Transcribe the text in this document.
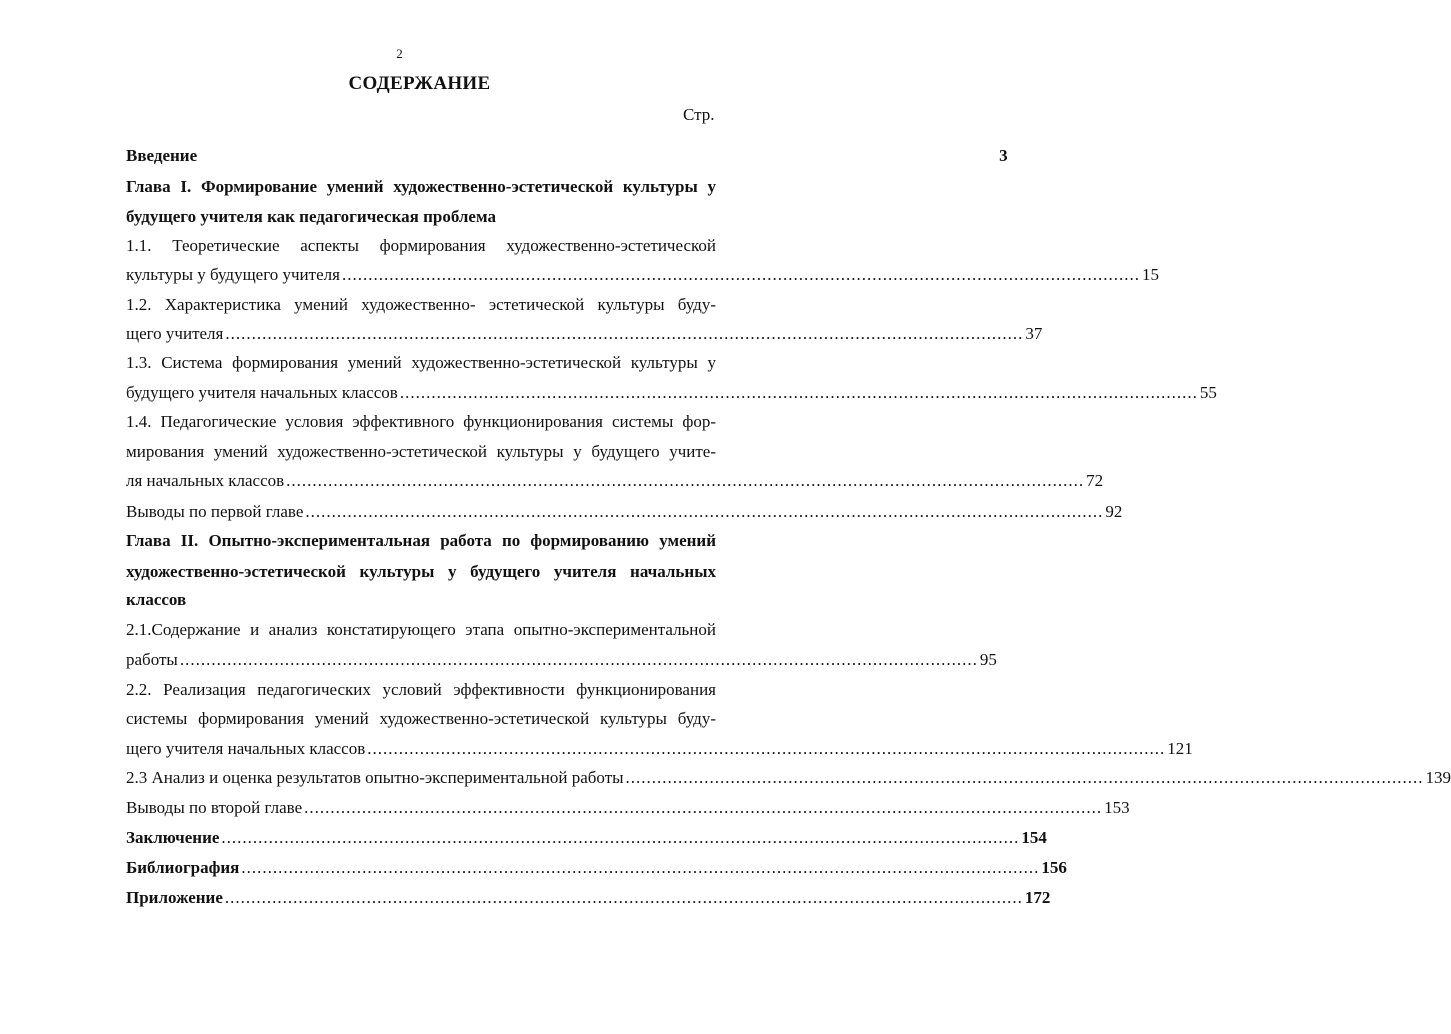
2
СОДЕРЖАНИЕ
Стр.
Введение	3
Глава I. Формирование умений художественно-эстетической культуры у
будущего учителя как педагогическая проблема
1.1. Теоретические аспекты формирования художественно-эстетической
культуры у будущего учителя ........................................................................................................................................................ 15
1.2. Характеристика умений художественно- эстетической культуры буду-
щего учителя ........................................................................................................................................................ 37
1.3. Система формирования умений художественно-эстетической культуры у
будущего учителя начальных классов ........................................................................................................................................................ 55
1.4. Педагогические условия эффективного функционирования системы фор-
мирования умений художественно-эстетической культуры у будущего учите-
ля начальных классов ........................................................................................................................................................ 72
Выводы по первой главе ........................................................................................................................................................ 92
Глава II. Опытно-экспериментальная работа по формированию умений
художественно-эстетической культуры у будущего учителя начальных
классов
2.1.Содержание и анализ констатирующего этапа опытно-экспериментальной
работы ........................................................................................................................................................ 95
2.2. Реализация педагогических условий эффективности функционирования
системы формирования умений художественно-эстетической культуры буду-
щего учителя начальных классов ........................................................................................................................................................ 121
2.3 Анализ и оценка результатов опытно-экспериментальной работы ........................................................................................................................................................ 139
Выводы по второй главе ........................................................................................................................................................ 153
Заключение ........................................................................................................................................................ 154
Библиография ........................................................................................................................................................ 156
Приложение ........................................................................................................................................................ 172
